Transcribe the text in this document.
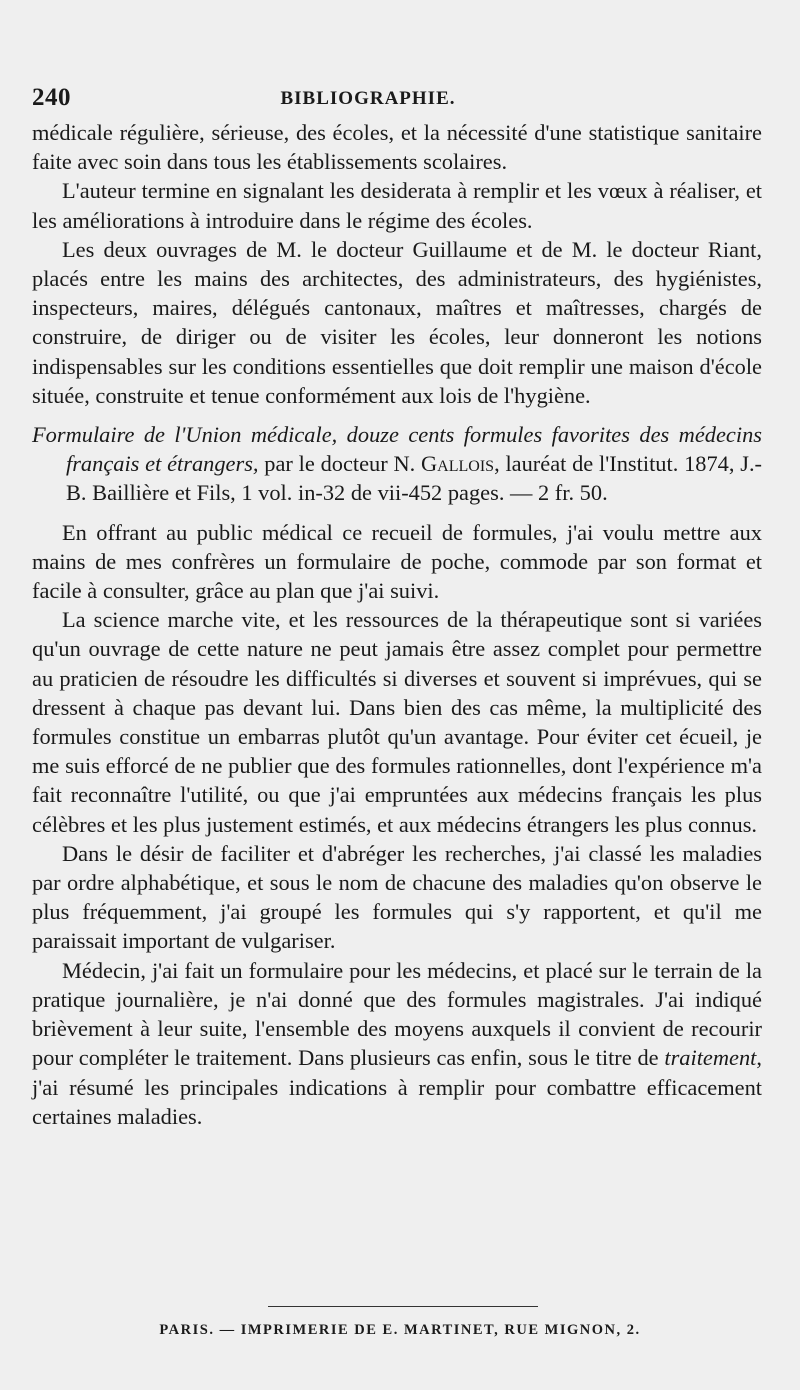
240	BIBLIOGRAPHIE.

médicale régulière, sérieuse, des écoles, et la nécessité d'une statistique sanitaire faite avec soin dans tous les établissements scolaires.

L'auteur termine en signalant les desiderata à remplir et les vœux à réaliser, et les améliorations à introduire dans le régime des écoles.

Les deux ouvrages de M. le docteur Guillaume et de M. le docteur Riant, placés entre les mains des architectes, des administrateurs, des hygiénistes, inspecteurs, maires, délégués cantonaux, maîtres et maîtresses, chargés de construire, de diriger ou de visiter les écoles, leur donneront les notions indispensables sur les conditions essentielles que doit remplir une maison d'école située, construite et tenue conformément aux lois de l'hygiène.

Formulaire de l'Union médicale, douze cents formules favorites des médecins français et étrangers, par le docteur N. Gallois, lauréat de l'Institut. 1874, J.-B. Baillière et Fils, 1 vol. in-32 de vii-452 pages. — 2 fr. 50.

En offrant au public médical ce recueil de formules, j'ai voulu mettre aux mains de mes confrères un formulaire de poche, commode par son format et facile à consulter, grâce au plan que j'ai suivi.

La science marche vite, et les ressources de la thérapeutique sont si variées qu'un ouvrage de cette nature ne peut jamais être assez complet pour permettre au praticien de résoudre les difficultés si diverses et souvent si imprévues, qui se dressent à chaque pas devant lui. Dans bien des cas même, la multiplicité des formules constitue un embarras plutôt qu'un avantage. Pour éviter cet écueil, je me suis efforcé de ne publier que des formules rationnelles, dont l'expérience m'a fait reconnaître l'utilité, ou que j'ai empruntées aux médecins français les plus célèbres et les plus justement estimés, et aux médecins étrangers les plus connus.

Dans le désir de faciliter et d'abréger les recherches, j'ai classé les maladies par ordre alphabétique, et sous le nom de chacune des maladies qu'on observe le plus fréquemment, j'ai groupé les formules qui s'y rapportent, et qu'il me paraissait important de vulgariser.

Médecin, j'ai fait un formulaire pour les médecins, et placé sur le terrain de la pratique journalière, je n'ai donné que des formules magistrales. J'ai indiqué brièvement à leur suite, l'ensemble des moyens auxquels il convient de recourir pour compléter le traitement. Dans plusieurs cas enfin, sous le titre de traitement, j'ai résumé les principales indications à remplir pour combattre efficacement certaines maladies.

PARIS. — IMPRIMERIE DE E. MARTINET, RUE MIGNON, 2.
